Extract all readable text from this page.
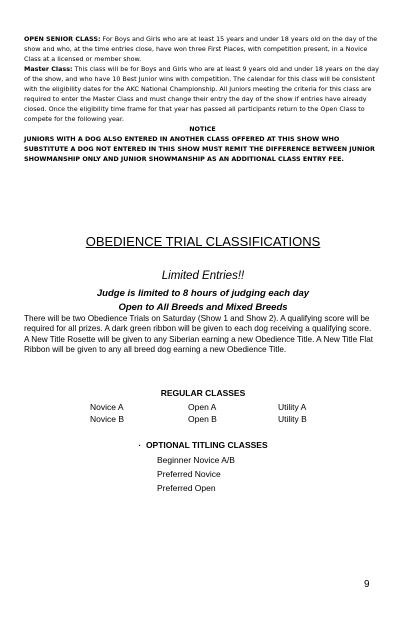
OPEN SENIOR CLASS: For Boys and Girls who are at least 15 years and under 18 years old on the day of the show and who, at the time entries close, have won three First Places, with competition present, in a Novice Class at a licensed or member show.
Master Class: This class will be for Boys and Girls who are at least 9 years old and under 18 years on the day of the show, and who have 10 Best Junior wins with competition. The calendar for this class will be consistent with the eligibility dates for the AKC National Championship. All Juniors meeting the criteria for this class are required to enter the Master Class and must change their entry the day of the show if entries have already closed. Once the eligibility time frame for that year has passed all participants return to the Open Class to compete for the following year.
NOTICE
JUNIORS WITH A DOG ALSO ENTERED IN ANOTHER CLASS OFFERED AT THIS SHOW WHO SUBSTITUTE A DOG NOT ENTERED IN THIS SHOW MUST REMIT THE DIFFERENCE BETWEEN JUNIOR SHOWMANSHIP ONLY AND JUNIOR SHOWMANSHIP AS AN ADDITIONAL CLASS ENTRY FEE.
OBEDIENCE TRIAL CLASSIFICATIONS
Limited Entries!!
Judge is limited to 8 hours of judging each day
Open to All Breeds and Mixed Breeds
There will be two Obedience Trials on Saturday (Show 1 and Show 2). A qualifying score will be required for all prizes. A dark green ribbon will be given to each dog receiving a qualifying score. A New Title Rosette will be given to any Siberian earning a new Obedience Title. A New Title Flat Ribbon will be given to any all breed dog earning a new Obedience Title.
REGULAR CLASSES
Novice A	Open A	Utility A
Novice B	Open B	Utility B
· OPTIONAL TITLING CLASSES
Beginner Novice A/B
Preferred Novice
Preferred Open
9
